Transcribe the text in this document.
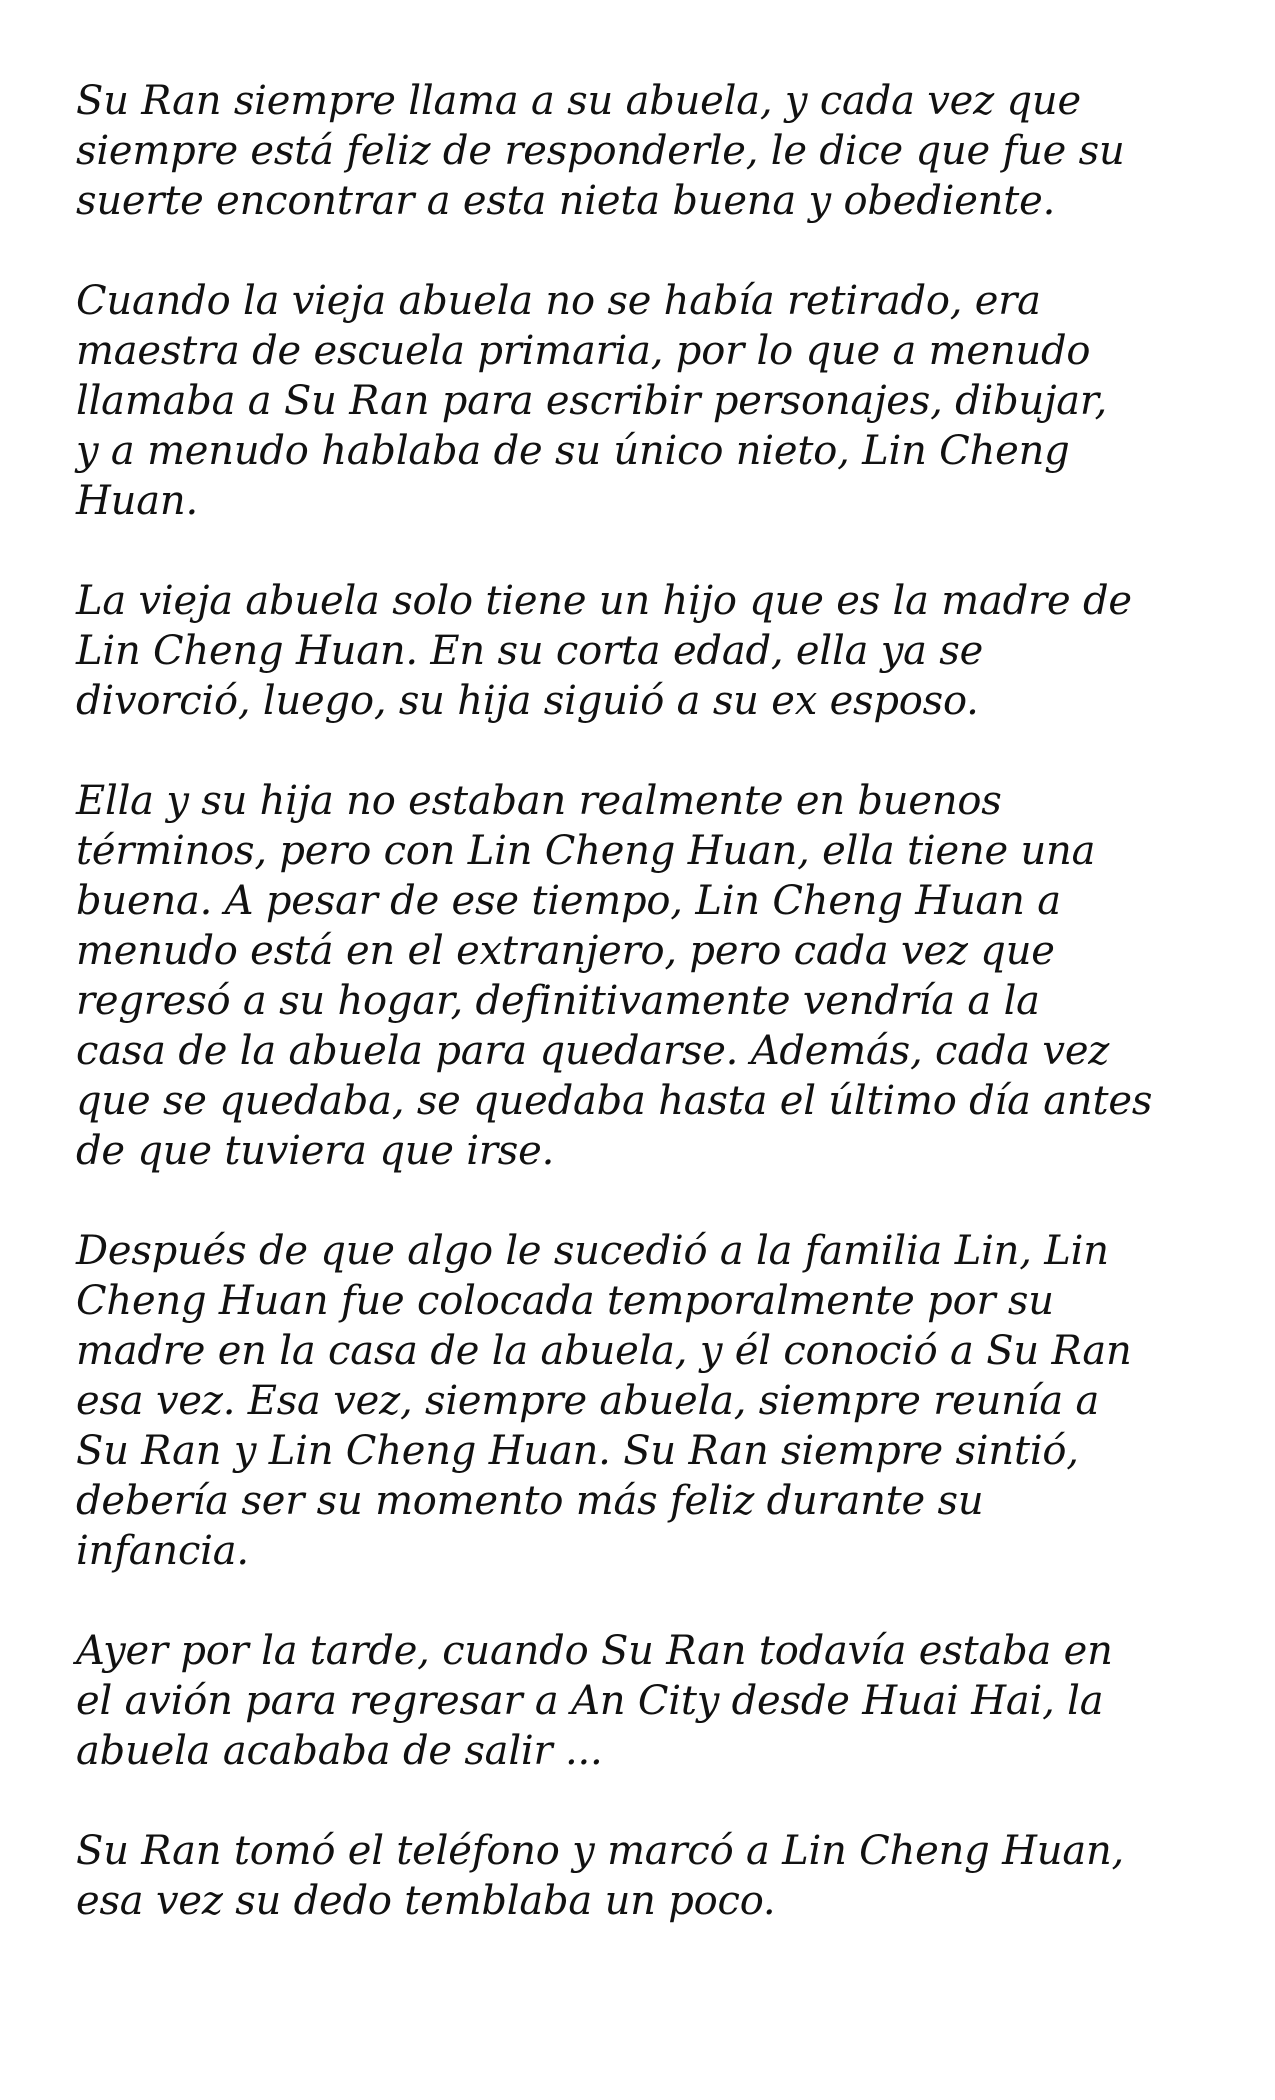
Su Ran siempre llama a su abuela, y cada vez que
siempre está feliz de responderle, le dice que fue su
suerte encontrar a esta nieta buena y obediente.

Cuando la vieja abuela no se había retirado, era
maestra de escuela primaria, por lo que a menudo
llamaba a Su Ran para escribir personajes, dibujar,
y a menudo hablaba de su único nieto, Lin Cheng
Huan.

La vieja abuela solo tiene un hijo que es la madre de
Lin Cheng Huan. En su corta edad, ella ya se
divorció, luego, su hija siguió a su ex esposo.

Ella y su hija no estaban realmente en buenos
términos, pero con Lin Cheng Huan, ella tiene una
buena. A pesar de ese tiempo, Lin Cheng Huan a
menudo está en el extranjero, pero cada vez que
regresó a su hogar, definitivamente vendría a la
casa de la abuela para quedarse. Además, cada vez
que se quedaba, se quedaba hasta el último día antes
de que tuviera que irse.

Después de que algo le sucedió a la familia Lin, Lin
Cheng Huan fue colocada temporalmente por su
madre en la casa de la abuela, y él conoció a Su Ran
esa vez. Esa vez, siempre abuela, siempre reunía a
Su Ran y Lin Cheng Huan. Su Ran siempre sintió,
debería ser su momento más feliz durante su
infancia.

Ayer por la tarde, cuando Su Ran todavía estaba en
el avión para regresar a An City desde Huai Hai, la
abuela acababa de salir ...

Su Ran tomó el teléfono y marcó a Lin Cheng Huan,
esa vez su dedo temblaba un poco.
